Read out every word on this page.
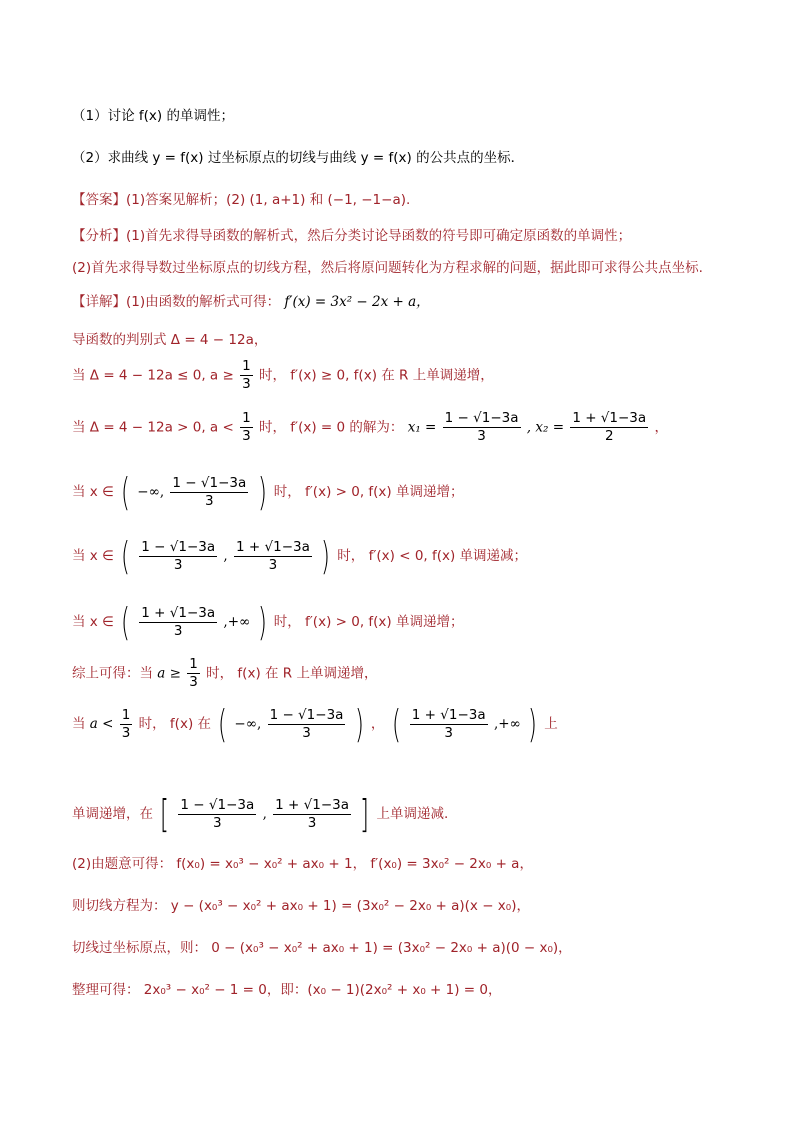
（1）讨论 f(x) 的单调性；
（2）求曲线 y = f(x) 过坐标原点的切线与曲线 y = f(x) 的公共点的坐标．
【答案】(1)答案见解析；(2) (1, a+1) 和 (−1, −1−a).
【分析】(1)首先求得导函数的解析式，然后分类讨论导函数的符号即可确定原函数的单调性；
(2)首先求得导数过坐标原点的切线方程，然后将原问题转化为方程求解的问题，据此即可求得公共点坐标.
【详解】(1)由函数的解析式可得： f′(x) = 3x² − 2x + a，
导函数的判别式 Δ = 4 − 12a，
当 Δ = 4 − 12a ≤ 0, $a \ge \frac{1}{3}$ 时， f′(x) ≥ 0, f(x) 在 R 上单调递增，
当 Δ = 4 − 12a > 0, $a < \frac{1}{3}$ 时， f′(x) = 0 的解为： $x_1 = \frac{1 - √1-3a}{3}$ , $x_2 = \frac{1 + √1-3a}{2}$ ，
当 x ∈ ( −∞, $\frac{1 - √1-3a}{3}$ ) 时， f′(x) > 0, f(x) 单调递增；
当 x ∈ ( $\frac{1 - √1-3a}{3}$ , $\frac{1 + √1-3a}{3}$ ) 时， f′(x) < 0, f(x) 单调递减；
当 x ∈ ( $\frac{1 + √1-3a}{3}$ ,+∞ ) 时， f′(x) > 0, f(x) 单调递增；
综上可得：当 $a \ge \frac{1}{3}$ 时， f(x) 在 R 上单调递增，
当 $a < \frac{1}{3}$ 时， f(x) 在 ( −∞, $\frac{1 - √1-3a}{3}$ ) ， ( $\frac{1 + √1-3a}{3}$ ,+∞ ) 上
单调递增，在 [ $\frac{1 - √1-3a}{3}$ , $\frac{1 + √1-3a}{3}$ ] 上单调递减.
(2)由题意可得： f(x₀) = x₀³ − x₀² + ax₀ + 1， f′(x₀) = 3x₀² − 2x₀ + a，
则切线方程为： y − (x₀³ − x₀² + ax₀ + 1) = (3x₀² − 2x₀ + a)(x − x₀)，
切线过坐标原点，则： 0 − (x₀³ − x₀² + ax₀ + 1) = (3x₀² − 2x₀ + a)(0 − x₀)，
整理可得： 2x₀³ − x₀² − 1 = 0，即：(x₀ − 1)(2x₀² + x₀ + 1) = 0，
